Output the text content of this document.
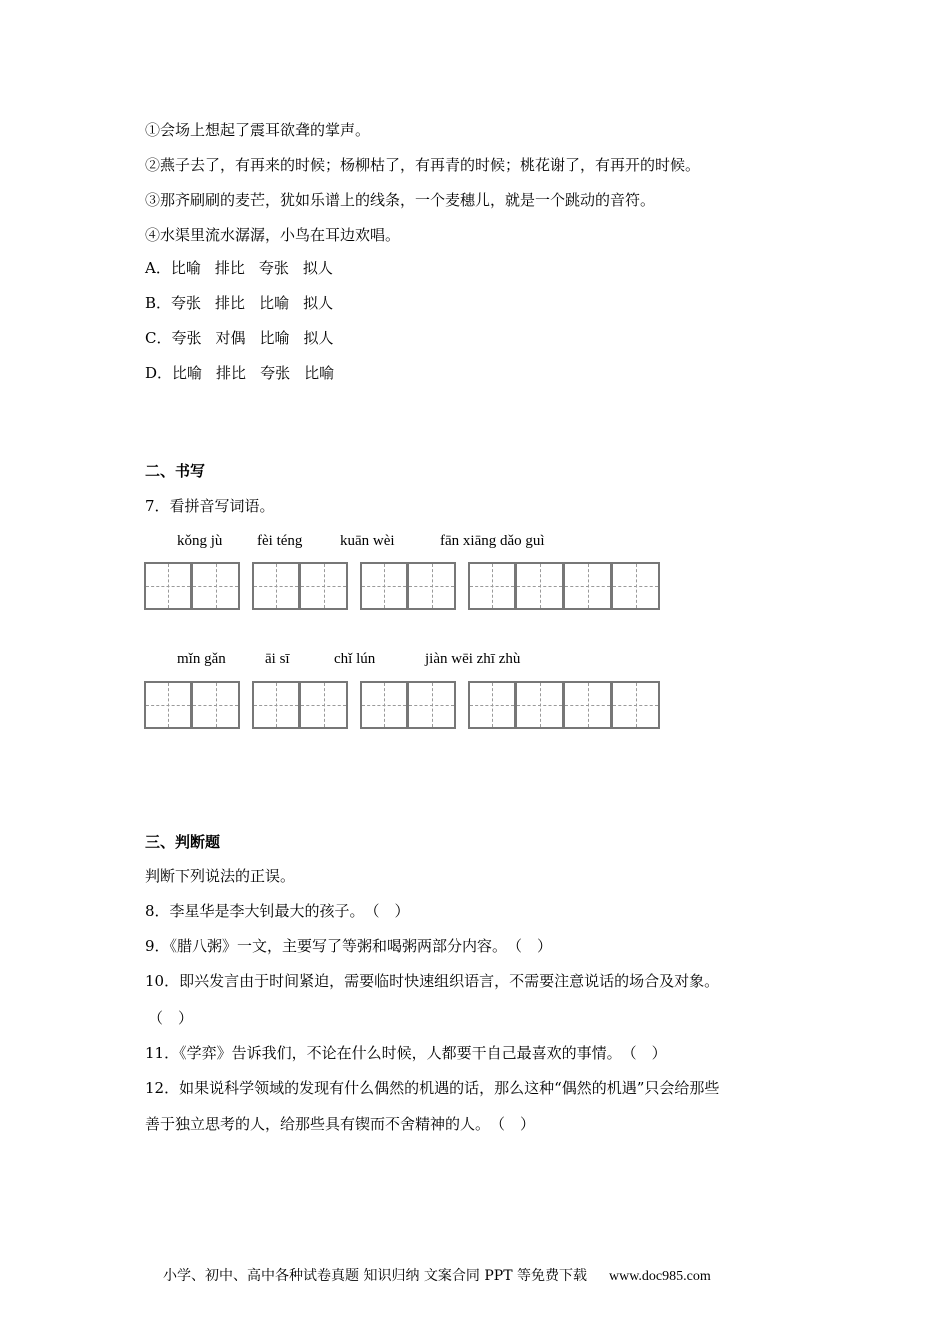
①会场上想起了震耳欲聋的掌声。
②燕子去了，有再来的时候；杨柳枯了，有再青的时候；桃花谢了，有再开的时候。
③那齐刷刷的麦芒，犹如乐谱上的线条，一个麦穗儿，就是一个跳动的音符。
④水渠里流水潺潺，小鸟在耳边欢唱。
A．比喻 排比 夸张 拟人
B．夸张 排比 比喻 拟人
C．夸张 对偶 比喻 拟人
D．比喻 排比 夸张 比喻
二、书写
7．看拼音写词语。
kǒng jù fèi téng	kuān wèi	fān xiāng dǎo guì
mǐn gǎn	āi sī	chǐ lún	jiàn wēi zhī zhù
三、判断题
判断下列说法的正误。
8．李星华是李大钊最大的孩子。　（　）
9．《腊八粥》一文，主要写了等粥和喝粥两部分内容。　（　）
10．即兴发言由于时间紧迫，需要临时快速组织语言，不需要注意说话的场合及对象。
（　）
11．《学弈》告诉我们，不论在什么时候，人都要干自己最喜欢的事情。　（　）
12．如果说科学领域的发现有什么偶然的机遇的话，那么这种“偶然的机遇”只会给那些
善于独立思考的人，给那些具有锲而不舍精神的人。　（　）
小学、初中、高中各种试卷真题 知识归纳 文案合同 PPT 等免费下载 www.doc985.com
